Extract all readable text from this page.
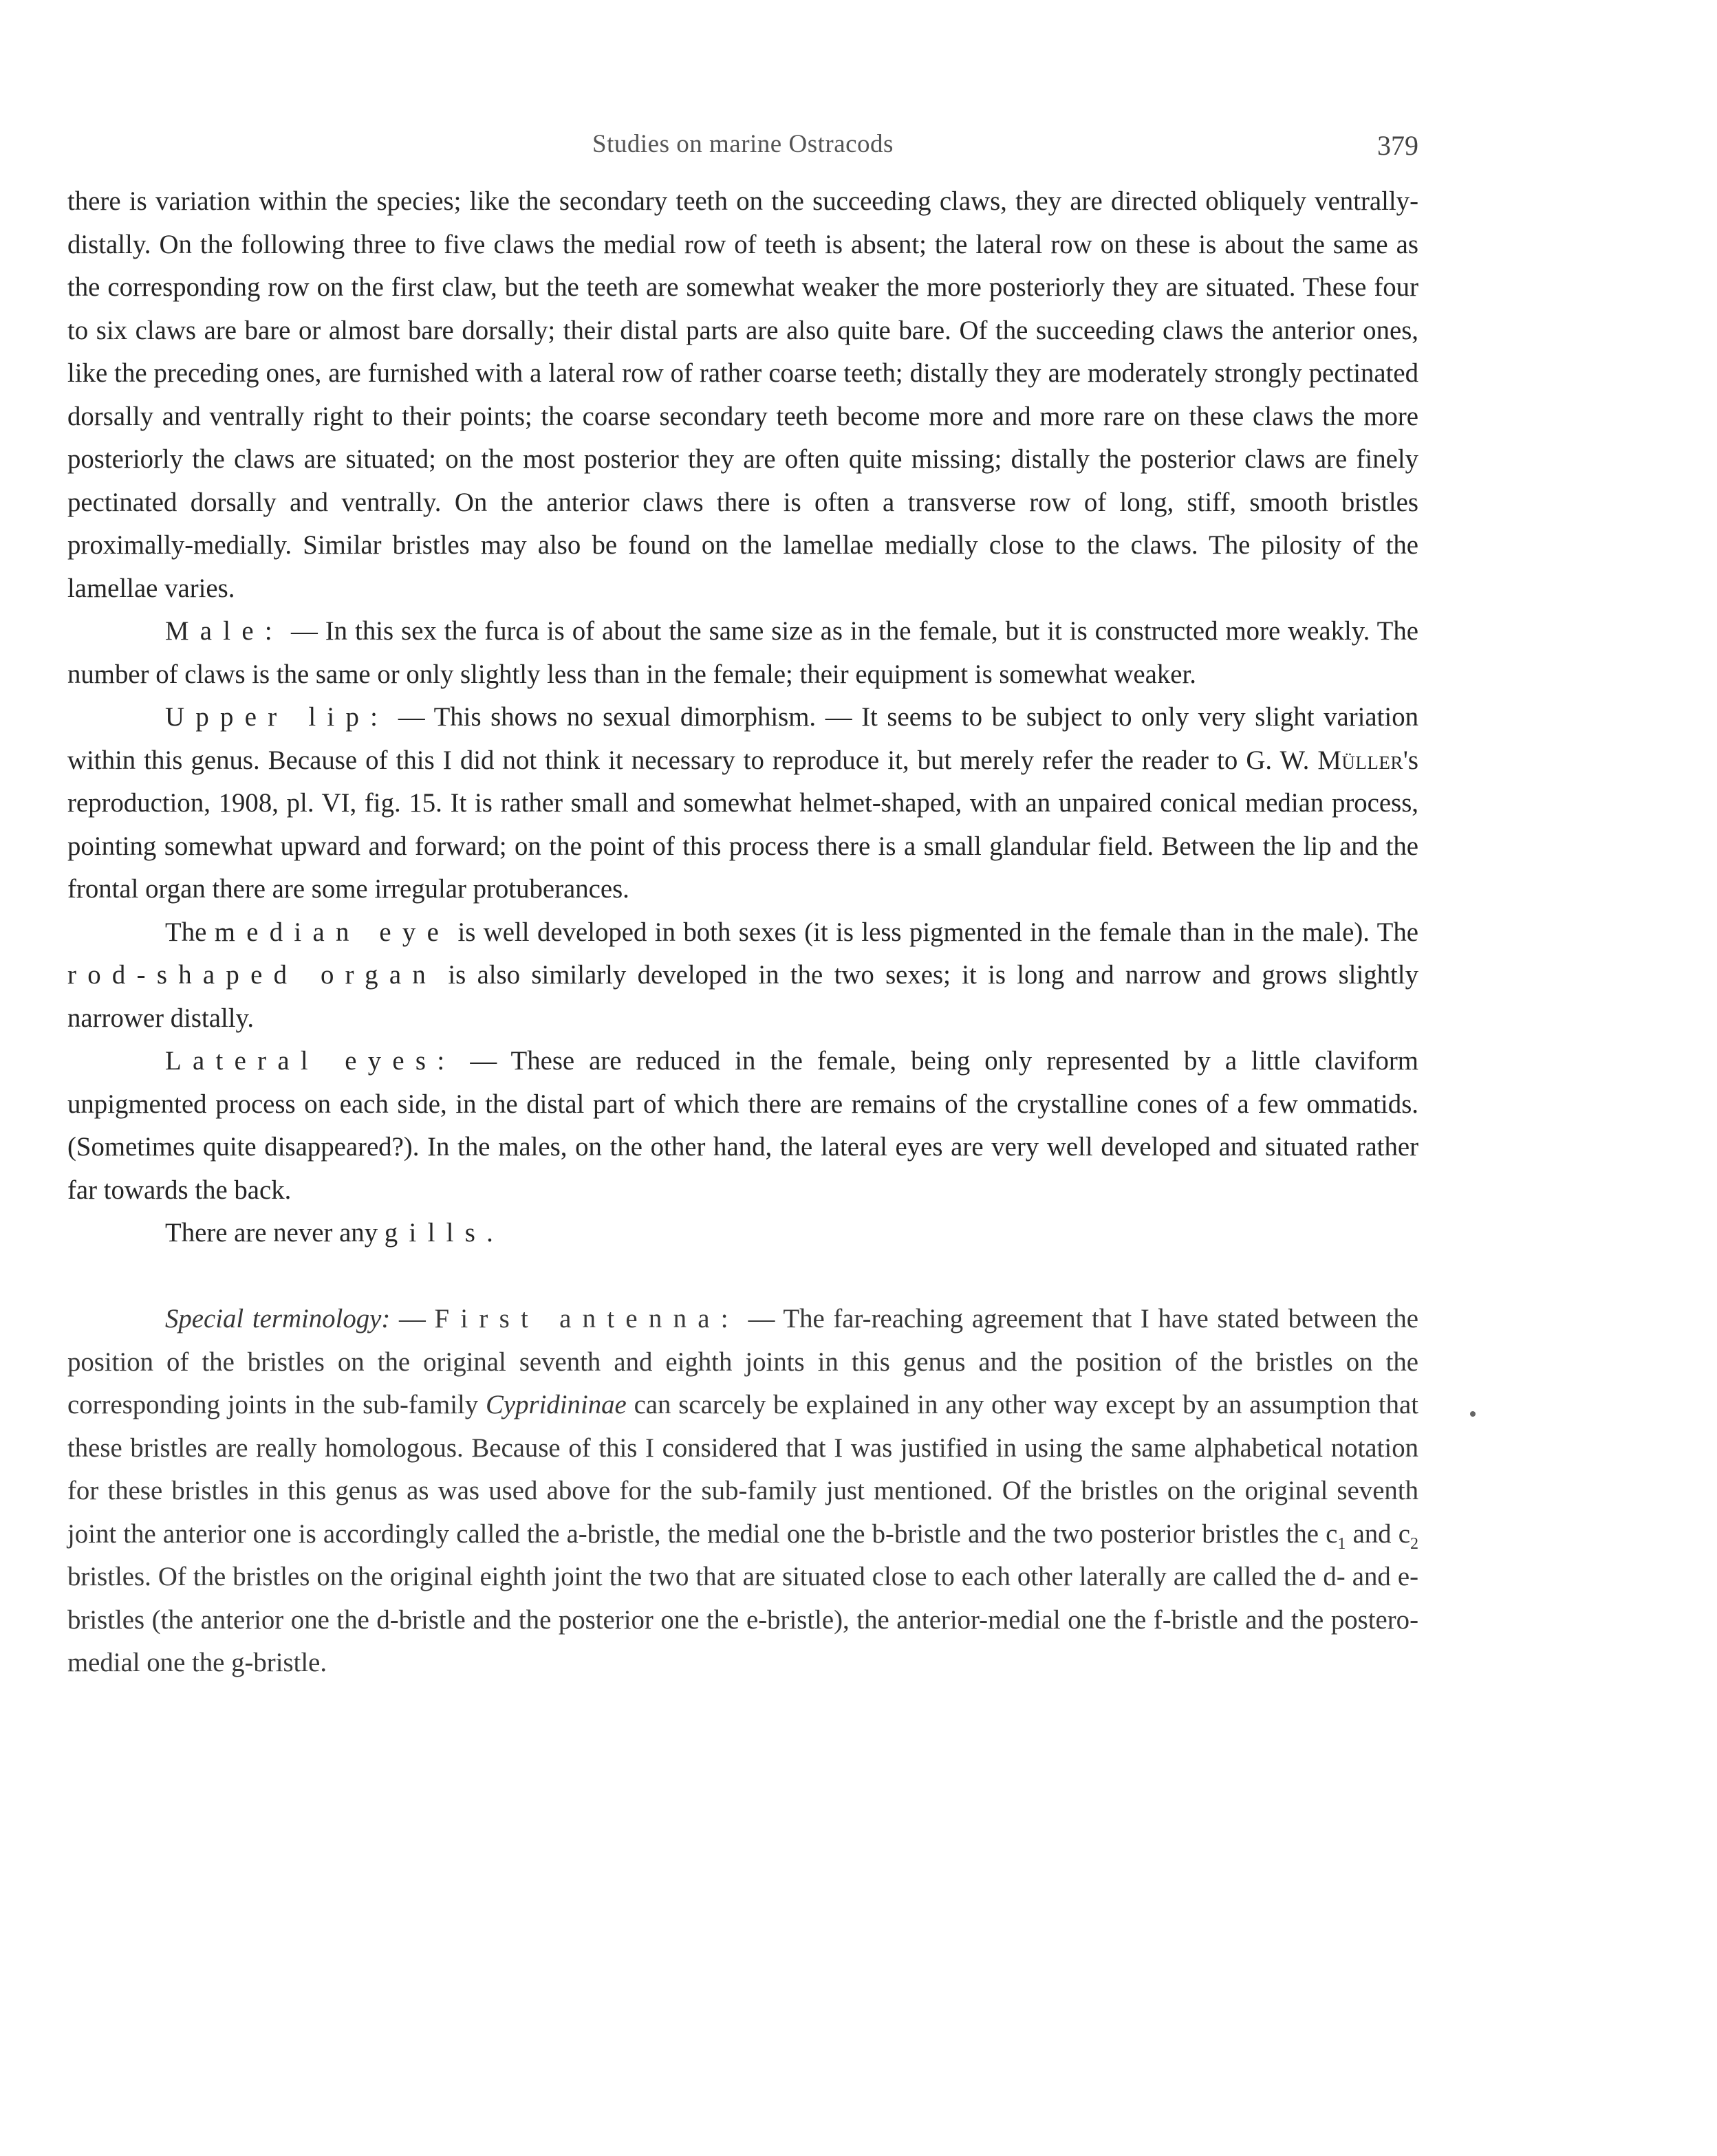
Studies on marine Ostracods	379

there is variation within the species; like the secondary teeth on the succeeding claws, they are directed obliquely ventrally-distally. On the following three to five claws the medial row of teeth is absent; the lateral row on these is about the same as the corresponding row on the first claw, but the teeth are somewhat weaker the more posteriorly they are situated. These four to six claws are bare or almost bare dorsally; their distal parts are also quite bare. Of the succeeding claws the anterior ones, like the preceding ones, are furnished with a lateral row of rather coarse teeth; distally they are moderately strongly pectinated dorsally and ventrally right to their points; the coarse secondary teeth become more and more rare on these claws the more posteriorly the claws are situated; on the most posterior they are often quite missing; distally the posterior claws are finely pectinated dorsally and ventrally. On the anterior claws there is often a transverse row of long, stiff, smooth bristles proximally-medially. Similar bristles may also be found on the lamellae medially close to the claws. The pilosity of the lamellae varies.

Male: — In this sex the furca is of about the same size as in the female, but it is constructed more weakly. The number of claws is the same or only slightly less than in the female; their equipment is somewhat weaker.

Upper lip: — This shows no sexual dimorphism. — It seems to be subject to only very slight variation within this genus. Because of this I did not think it necessary to reproduce it, but merely refer the reader to G. W. Müller's reproduction, 1908, pl. VI, fig. 15. It is rather small and somewhat helmet-shaped, with an unpaired conical median process, pointing somewhat upward and forward; on the point of this process there is a small glandular field. Between the lip and the frontal organ there are some irregular protuberances.

The median eye is well developed in both sexes (it is less pigmented in the female than in the male). The rod-shaped organ is also similarly developed in the two sexes; it is long and narrow and grows slightly narrower distally.

Lateral eyes: — These are reduced in the female, being only represented by a little claviform unpigmented process on each side, in the distal part of which there are remains of the crystalline cones of a few ommatids. (Sometimes quite disappeared?). In the males, on the other hand, the lateral eyes are very well developed and situated rather far towards the back.

There are never any gills.

Special terminology: — First antenna: — The far-reaching agreement that I have stated between the position of the bristles on the original seventh and eighth joints in this genus and the position of the bristles on the corresponding joints in the sub-family Cypridininae can scarcely be explained in any other way except by an assumption that these bristles are really homologous. Because of this I considered that I was justified in using the same alphabetical notation for these bristles in this genus as was used above for the sub-family just mentioned. Of the bristles on the original seventh joint the anterior one is accordingly called the a-bristle, the medial one the b-bristle and the two posterior bristles the $c_1$ and $c_2$ bristles. Of the bristles on the original eighth joint the two that are situated close to each other laterally are called the d- and e-bristles (the anterior one the d-bristle and the posterior one the e-bristle), the anterior-medial one the f-bristle and the postero-medial one the g-bristle.
